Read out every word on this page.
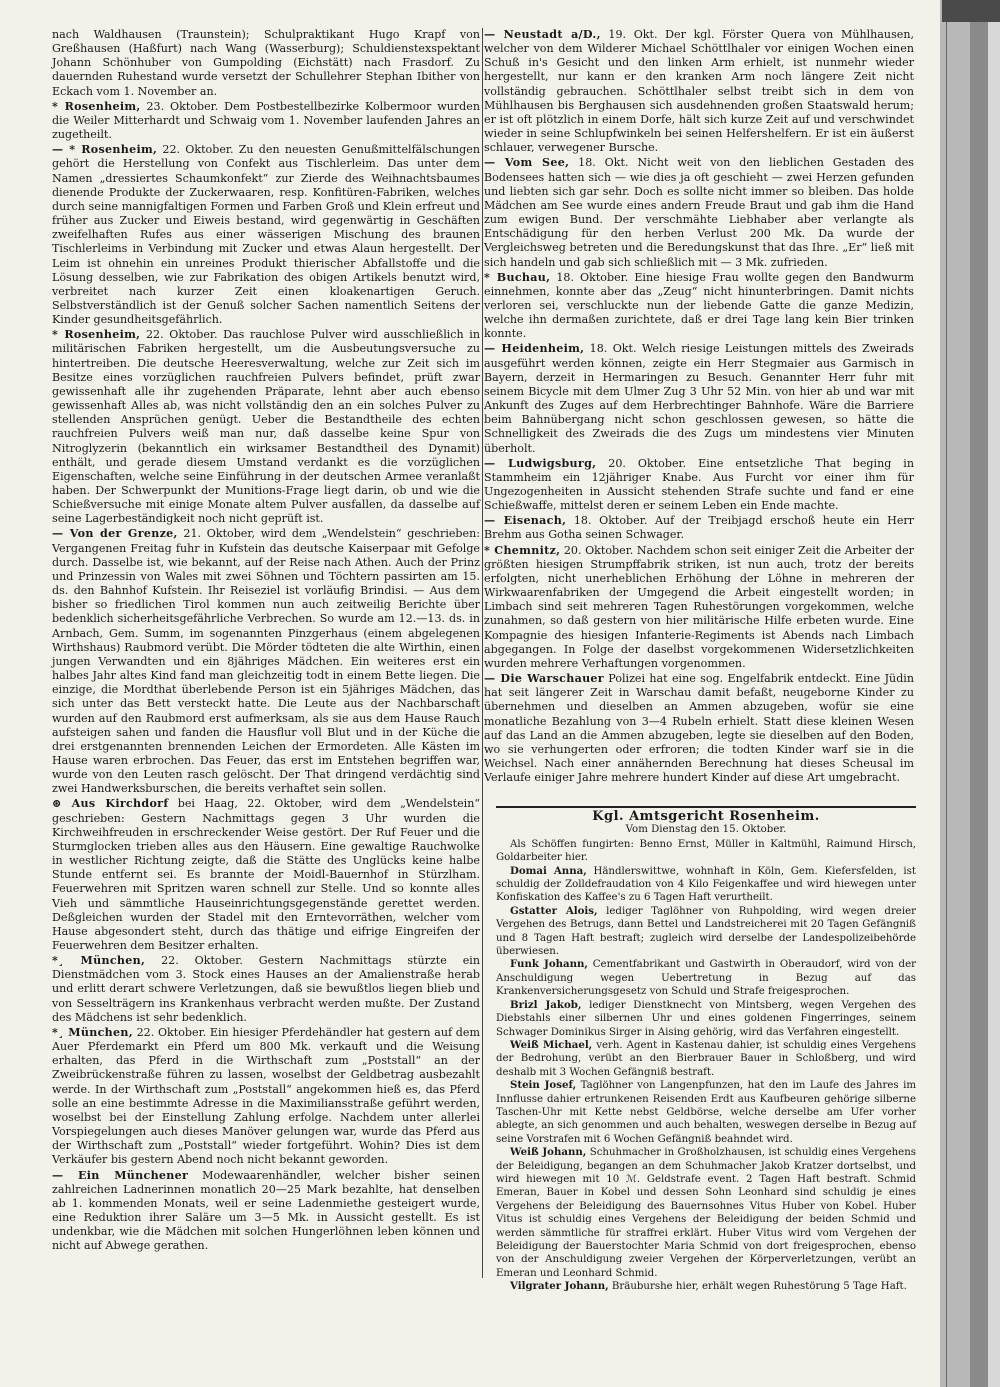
nach Waldhausen (Traunstein); Schulpraktikant Hugo Krapf von Greßhausen (Haßfurt) nach Wang (Wasserburg); Schuldienstexspektant Johann Schönhuber von Gumpolding (Eichstätt) nach Frasdorf. Zu dauernden Ruhestand wurde versetzt der Schullehrer Stephan Ibither von Eckach vom 1. November an.

* Rosenheim, 23. Oktober. Dem Postbestellbezirke Kolbermoor wurden die Weiler Mitterhardt und Schwaig vom 1. November laufenden Jahres an zugetheilt.

— * Rosenheim, 22. Oktober. Zu den neuesten Genußmittelfälschungen gehört die Herstellung von Confekt aus Tischlerleim. Das unter dem Namen „dressiertes Schaumkonfekt“ zur Zierde des Weihnachtsbaumes dienende Produkte der Zuckerwaaren, resp. Konfitüren-Fabriken, welches durch seine mannigfaltigen Formen und Farben Groß und Klein erfreut und früher aus Zucker und Eiweis bestand, wird gegenwärtig in Geschäften zweifelhaften Rufes aus einer wässerigen Mischung des braunen Tischlerleims in Verbindung mit Zucker und etwas Alaun hergestellt. Der Leim ist ohnehin ein unreines Produkt thierischer Abfallstoffe und die Lösung desselben, wie zur Fabrikation des obigen Artikels benutzt wird, verbreitet nach kurzer Zeit einen kloakenartigen Geruch. Selbstverständlich ist der Genuß solcher Sachen namentlich Seitens der Kinder gesundheitsgefährlich.

* Rosenheim, 22. Oktober. Das rauchlose Pulver wird ausschließlich in militärischen Fabriken hergestellt, um die Ausbeutungsversuche zu hintertreiben. Die deutsche Heeresverwaltung, welche zur Zeit sich im Besitze eines vorzüglichen rauchfreien Pulvers befindet, prüft zwar gewissenhaft alle ihr zugehenden Präparate, lehnt aber auch ebenso gewissenhaft Alles ab, was nicht vollständig den an ein solches Pulver zu stellenden Ansprüchen genügt. Ueber die Bestandtheile des echten rauchfreien Pulvers weiß man nur, daß dasselbe keine Spur von Nitroglyzerin (bekanntlich ein wirksamer Bestandtheil des Dynamit) enthält, und gerade diesem Umstand verdankt es die vorzüglichen Eigenschaften, welche seine Einführung in der deutschen Armee veranlaßt haben. Der Schwerpunkt der Munitions-Frage liegt darin, ob und wie die Schießversuche mit einige Monate altem Pulver ausfallen, da dasselbe auf seine Lagerbeständigkeit noch nicht geprüft ist.

— Von der Grenze, 21. Oktober, wird dem „Wendelstein“ geschrieben: Vergangenen Freitag fuhr in Kufstein das deutsche Kaiserpaar mit Gefolge durch. Dasselbe ist, wie bekannt, auf der Reise nach Athen. Auch der Prinz und Prinzessin von Wales mit zwei Söhnen und Töchtern passirten am 15. ds. den Bahnhof Kufstein. Ihr Reiseziel ist vorläufig Brindisi. — Aus dem bisher so friedlichen Tirol kommen nun auch zeitweilig Berichte über bedenklich sicherheitsgefährliche Verbrechen. So wurde am 12.—13. ds. in Arnbach, Gem. Summ, im sogenannten Pinzgerhaus (einem abgelegenen Wirthshaus) Raubmord verübt. Die Mörder tödteten die alte Wirthin, einen jungen Verwandten und ein 8jähriges Mädchen. Ein weiteres erst ein halbes Jahr altes Kind fand man gleichzeitig todt in einem Bette liegen. Die einzige, die Mordthat überlebende Person ist ein 5jähriges Mädchen, das sich unter das Bett versteckt hatte. Die Leute aus der Nachbarschaft wurden auf den Raubmord erst aufmerksam, als sie aus dem Hause Rauch aufsteigen sahen und fanden die Hausflur voll Blut und in der Küche die drei erstgenannten brennenden Leichen der Ermordeten. Alle Kästen im Hause waren erbrochen. Das Feuer, das erst im Entstehen begriffen war, wurde von den Leuten rasch gelöscht. Der That dringend verdächtig sind zwei Handwerksburschen, die bereits verhaftet sein sollen.

⊛ Aus Kirchdorf bei Haag, 22. Oktober, wird dem „Wendelstein“ geschrieben: Gestern Nachmittags gegen 3 Uhr wurden die Kirchweihfreuden in erschreckender Weise gestört. Der Ruf Feuer und die Sturmglocken trieben alles aus den Häusern. Eine gewaltige Rauchwolke in westlicher Richtung zeigte, daß die Stätte des Unglücks keine halbe Stunde entfernt sei. Es brannte der Moidl-Bauernhof in Stürzlham. Feuerwehren mit Spritzen waren schnell zur Stelle. Und so konnte alles Vieh und sämmtliche Hauseinrichtungsgegenstände gerettet werden. Deßgleichen wurden der Stadel mit den Erntevorräthen, welcher vom Hause abgesondert steht, durch das thätige und eifrige Eingreifen der Feuerwehren dem Besitzer erhalten.

*¸ München, 22. Oktober. Gestern Nachmittags stürzte ein Dienstmädchen vom 3. Stock eines Hauses an der Amalienstraße herab und erlitt derart schwere Verletzungen, daß sie bewußtlos liegen blieb und von Sesselträgern ins Krankenhaus verbracht werden mußte. Der Zustand des Mädchens ist sehr bedenklich.

*¸ München, 22. Oktober. Ein hiesiger Pferdehändler hat gestern auf dem Auer Pferdemarkt ein Pferd um 800 Mk. verkauft und die Weisung erhalten, das Pferd in die Wirthschaft zum „Poststall“ an der Zweibrückenstraße führen zu lassen, woselbst der Geldbetrag ausbezahlt werde. In der Wirthschaft zum „Poststall“ angekommen hieß es, das Pferd solle an eine bestimmte Adresse in die Maximiliansstraße geführt werden, woselbst bei der Einstellung Zahlung erfolge. Nachdem unter allerlei Vorspiegelungen auch dieses Manöver gelungen war, wurde das Pferd aus der Wirthschaft zum „Poststall“ wieder fortgeführt. Wohin? Dies ist dem Verkäufer bis gestern Abend noch nicht bekannt geworden.

— Ein Münchener Modewaarenhändler, welcher bisher seinen zahlreichen Ladnerinnen monatlich 20—25 Mark bezahlte, hat denselben ab 1. kommenden Monats, weil er seine Ladenmiethe gesteigert wurde, eine Reduktion ihrer Saläre um 3—5 Mk. in Aussicht gestellt. Es ist undenkbar, wie die Mädchen mit solchen Hungerlöhnen leben können und nicht auf Abwege gerathen.

— Neustadt a/D., 19. Okt. Der kgl. Förster Quera von Mühlhausen, welcher von dem Wilderer Michael Schöttlhaler vor einigen Wochen einen Schuß in's Gesicht und den linken Arm erhielt, ist nunmehr wieder hergestellt, nur kann er den kranken Arm noch längere Zeit nicht vollständig gebrauchen. Schöttlhaler selbst treibt sich in dem von Mühlhausen bis Berghausen sich ausdehnenden großen Staatswald herum; er ist oft plötzlich in einem Dorfe, hält sich kurze Zeit auf und verschwindet wieder in seine Schlupfwinkeln bei seinen Helfershelfern. Er ist ein äußerst schlauer, verwegener Bursche.

— Vom See, 18. Okt. Nicht weit von den lieblichen Gestaden des Bodensees hatten sich — wie dies ja oft geschieht — zwei Herzen gefunden und liebten sich gar sehr. Doch es sollte nicht immer so bleiben. Das holde Mädchen am See wurde eines andern Freude Braut und gab ihm die Hand zum ewigen Bund. Der verschmähte Liebhaber aber verlangte als Entschädigung für den herben Verlust 200 Mk. Da wurde der Vergleichsweg betreten und die Beredungskunst that das Ihre. „Er“ ließ mit sich handeln und gab sich schließlich mit — 3 Mk. zufrieden.

* Buchau, 18. Oktober. Eine hiesige Frau wollte gegen den Bandwurm einnehmen, konnte aber das „Zeug“ nicht hinunterbringen. Damit nichts verloren sei, verschluckte nun der liebende Gatte die ganze Medizin, welche ihn dermaßen zurichtete, daß er drei Tage lang kein Bier trinken konnte.

— Heidenheim, 18. Okt. Welch riesige Leistungen mittels des Zweirads ausgeführt werden können, zeigte ein Herr Stegmaier aus Garmisch in Bayern, derzeit in Hermaringen zu Besuch. Genannter Herr fuhr mit seinem Bicycle mit dem Ulmer Zug 3 Uhr 52 Min. von hier ab und war mit Ankunft des Zuges auf dem Herbrechtinger Bahnhofe. Wäre die Barriere beim Bahnübergang nicht schon geschlossen gewesen, so hätte die Schnelligkeit des Zweirads die des Zugs um mindestens vier Minuten überholt.

— Ludwigsburg, 20. Oktober. Eine entsetzliche That beging in Stammheim ein 12jähriger Knabe. Aus Furcht vor einer ihm für Ungezogenheiten in Aussicht stehenden Strafe suchte und fand er eine Schießwaffe, mittelst deren er seinem Leben ein Ende machte.

— Eisenach, 18. Oktober. Auf der Treibjagd erschoß heute ein Herr Brehm aus Gotha seinen Schwager.

* Chemnitz, 20. Oktober. Nachdem schon seit einiger Zeit die Arbeiter der größten hiesigen Strumpffabrik striken, ist nun auch, trotz der bereits erfolgten, nicht unerheblichen Erhöhung der Löhne in mehreren der Wirkwaarenfabriken der Umgegend die Arbeit eingestellt worden; in Limbach sind seit mehreren Tagen Ruhestörungen vorgekommen, welche zunahmen, so daß gestern von hier militärische Hilfe erbeten wurde. Eine Kompagnie des hiesigen Infanterie-Regiments ist Abends nach Limbach abgegangen. In Folge der daselbst vorgekommenen Widersetzlichkeiten wurden mehrere Verhaftungen vorgenommen.

— Die Warschauer Polizei hat eine sog. Engelfabrik entdeckt. Eine Jüdin hat seit längerer Zeit in Warschau damit befaßt, neugeborne Kinder zu übernehmen und dieselben an Ammen abzugeben, wofür sie eine monatliche Bezahlung von 3—4 Rubeln erhielt. Statt diese kleinen Wesen auf das Land an die Ammen abzugeben, legte sie dieselben auf den Boden, wo sie verhungerten oder erfroren; die todten Kinder warf sie in die Weichsel. Nach einer annähernden Berechnung hat dieses Scheusal im Verlaufe einiger Jahre mehrere hundert Kinder auf diese Art umgebracht.

Kgl. Amtsgericht Rosenheim.
Vom Dienstag den 15. Oktober.

Als Schöffen fungirten: Benno Ernst, Müller in Kaltmühl, Raimund Hirsch, Goldarbeiter hier.

Domai Anna, Händlerswittwe, wohnhaft in Köln, Gem. Kiefersfelden, ist schuldig der Zolldefraudation von 4 Kilo Feigenkaffee und wird hiewegen unter Konfiskation des Kaffee's zu 6 Tagen Haft verurtheilt.

Gstatter Alois, lediger Taglöhner von Ruhpolding, wird wegen dreier Vergehen des Betrugs, dann Bettel und Landstreicherei mit 20 Tagen Gefängniß und 8 Tagen Haft bestraft; zugleich wird derselbe der Landespolizeibehörde überwiesen.

Funk Johann, Cementfabrikant und Gastwirth in Oberaudorf, wird von der Anschuldigung wegen Uebertretung in Bezug auf das Krankenversicherungsgesetz von Schuld und Strafe freigesprochen.

Brizl Jakob, lediger Dienstknecht von Mintsberg, wegen Vergehen des Diebstahls einer silbernen Uhr und eines goldenen Fingerringes, seinem Schwager Dominikus Sirger in Aising gehörig, wird das Verfahren eingestellt.

Weiß Michael, verh. Agent in Kastenau dahier, ist schuldig eines Vergehens der Bedrohung, verübt an den Bierbrauer Bauer in Schloßberg, und wird deshalb mit 3 Wochen Gefängniß bestraft.

Stein Josef, Taglöhner von Langenpfunzen, hat den im Laufe des Jahres im Innflusse dahier ertrunkenen Reisenden Erdt aus Kaufbeuren gehörige silberne Taschen-Uhr mit Kette nebst Geldbörse, welche derselbe am Ufer vorher ablegte, an sich genommen und auch behalten, weswegen derselbe in Bezug auf seine Vorstrafen mit 6 Wochen Gefängniß beahndet wird.

Weiß Johann, Schuhmacher in Großholzhausen, ist schuldig eines Vergehens der Beleidigung, begangen an dem Schuhmacher Jakob Kratzer dortselbst, und wird hiewegen mit 10 ℳ. Geldstrafe event. 2 Tagen Haft bestraft. Schmid Emeran, Bauer in Kobel und dessen Sohn Leonhard sind schuldig je eines Vergehens der Beleidigung des Bauernsohnes Vitus Huber von Kobel. Huber Vitus ist schuldig eines Vergehens der Beleidigung der beiden Schmid und werden sämmtliche für straffrei erklärt. Huber Vitus wird vom Vergehen der Beleidigung der Bauerstochter Maria Schmid von dort freigesprochen, ebenso von der Anschuldigung zweier Vergehen der Körperverletzungen, verübt an Emeran und Leonhard Schmid.

Vilgrater Johann, Bräuburshe hier, erhält wegen Ruhestörung 5 Tage Haft.
